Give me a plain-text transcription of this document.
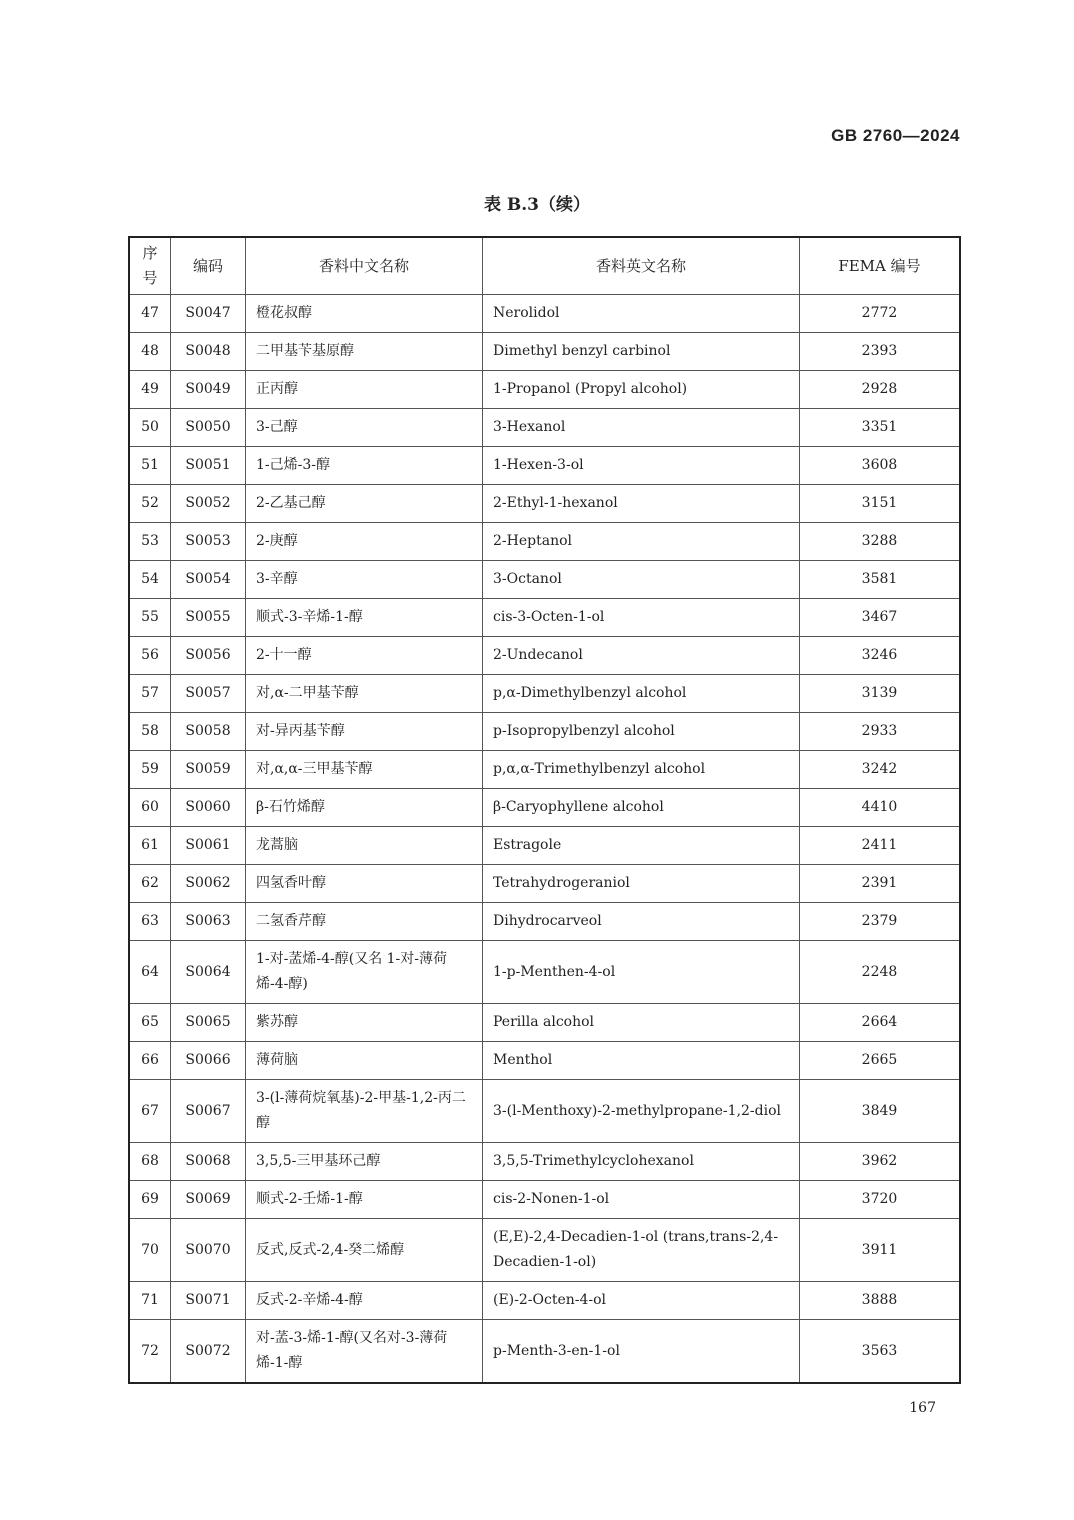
GB 2760—2024
表 B.3（续）
序号	编码	香料中文名称	香料英文名称	FEMA 编号
47	S0047	橙花叔醇	Nerolidol	2772
48	S0048	二甲基苄基原醇	Dimethyl benzyl carbinol	2393
49	S0049	正丙醇	1-Propanol (Propyl alcohol)	2928
50	S0050	3-己醇	3-Hexanol	3351
51	S0051	1-己烯-3-醇	1-Hexen-3-ol	3608
52	S0052	2-乙基己醇	2-Ethyl-1-hexanol	3151
53	S0053	2-庚醇	2-Heptanol	3288
54	S0054	3-辛醇	3-Octanol	3581
55	S0055	顺式-3-辛烯-1-醇	cis-3-Octen-1-ol	3467
56	S0056	2-十一醇	2-Undecanol	3246
57	S0057	对,α-二甲基苄醇	p,α-Dimethylbenzyl alcohol	3139
58	S0058	对-异丙基苄醇	p-Isopropylbenzyl alcohol	2933
59	S0059	对,α,α-三甲基苄醇	p,α,α-Trimethylbenzyl alcohol	3242
60	S0060	β-石竹烯醇	β-Caryophyllene alcohol	4410
61	S0061	龙蒿脑	Estragole	2411
62	S0062	四氢香叶醇	Tetrahydrogeraniol	2391
63	S0063	二氢香芹醇	Dihydrocarveol	2379
64	S0064	1-对-䓝烯-4-醇(又名 1-对-薄荷烯-4-醇)	1-p-Menthen-4-ol	2248
65	S0065	紫苏醇	Perilla alcohol	2664
66	S0066	薄荷脑	Menthol	2665
67	S0067	3-(l-薄荷烷氧基)-2-甲基-1,2-丙二醇	3-(l-Menthoxy)-2-methylpropane-1,2-diol	3849
68	S0068	3,5,5-三甲基环己醇	3,5,5-Trimethylcyclohexanol	3962
69	S0069	顺式-2-壬烯-1-醇	cis-2-Nonen-1-ol	3720
70	S0070	反式,反式-2,4-癸二烯醇	(E,E)-2,4-Decadien-1-ol (trans,trans-2,4-Decadien-1-ol)	3911
71	S0071	反式-2-辛烯-4-醇	(E)-2-Octen-4-ol	3888
72	S0072	对-䓝-3-烯-1-醇(又名对-3-薄荷烯-1-醇	p-Menth-3-en-1-ol	3563
167
